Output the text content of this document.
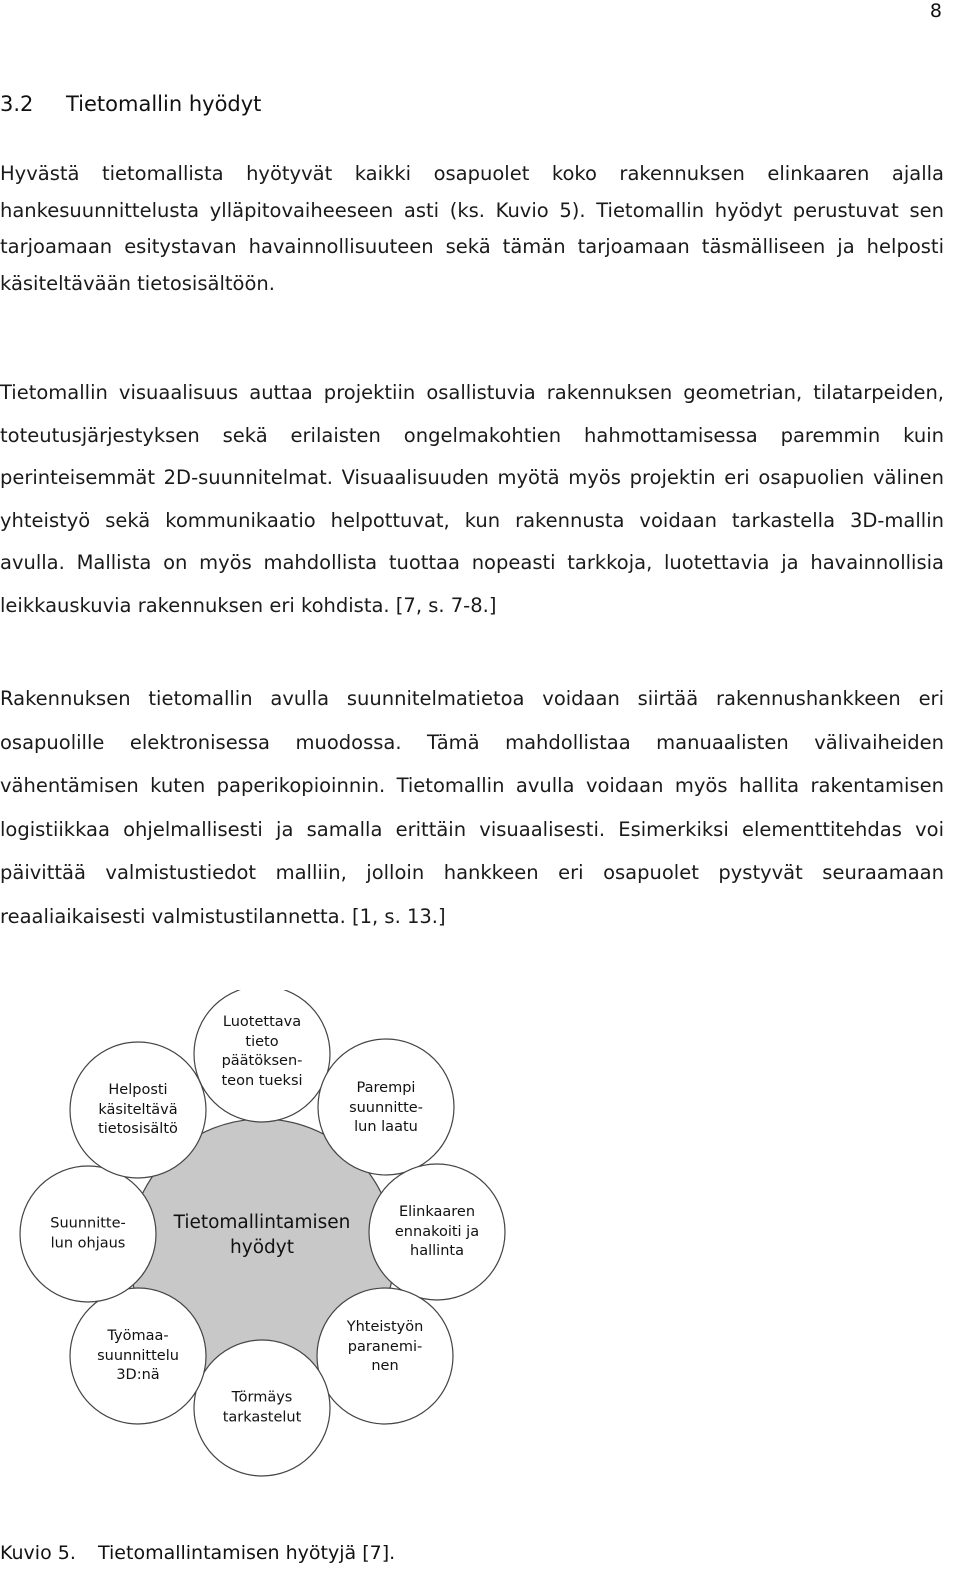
8
3.2 Tietomallin hyödyt

Hyvästä tietomallista hyötyvät kaikki osapuolet koko rakennuksen elinkaaren ajalla hankesuunnittelusta ylläpitovaiheeseen asti (ks. Kuvio 5). Tietomallin hyödyt perustuvat sen tarjoamaan esitystavan havainnollisuuteen sekä tämän tarjoamaan täsmälliseen ja helposti käsiteltävään tietosisältöön.

Tietomallin visuaalisuus auttaa projektiin osallistuvia rakennuksen geometrian, tilatarpeiden, toteutusjärjestyksen sekä erilaisten ongelmakohtien hahmottamisessa paremmin kuin perinteisemmät 2D-suunnitelmat. Visuaalisuuden myötä myös projektin eri osapuolien välinen yhteistyö sekä kommunikaatio helpottuvat, kun rakennusta voidaan tarkastella 3D-mallin avulla. Mallista on myös mahdollista tuottaa nopeasti tarkkoja, luotettavia ja havainnollisia leikkauskuvia rakennuksen eri kohdista. [7, s. 7-8.]

Rakennuksen tietomallin avulla suunnitelmatietoa voidaan siirtää rakennushankkeen eri osapuolille elektronisessa muodossa. Tämä mahdollistaa manuaalisten välivaiheiden vähentämisen kuten paperikopioinnin. Tietomallin avulla voidaan myös hallita rakentamisen logistiikkaa ohjelmallisesti ja samalla erittäin visuaalisesti. Esimerkiksi elementtitehdas voi päivittää valmistustiedot malliin, jolloin hankkeen eri osapuolet pystyvät seuraamaan reaaliaikaisesti valmistustilannetta. [1, s. 13.]

Tietomallintamisen
hyödyt
Luotettava
tieto
päätöksen-
teon tueksi	Parempi
suunnitte-
lun laatu
Elinkaaren
ennakoiti ja
hallinta
Yhteistyön
paranemi-
nen
Törmäys
tarkastelut
Työmaa-
suunnittelu
3D:nä
Suunnitte-
lun ohjaus
Helposti
käsiteltävä
tietosisältö
Kuvio 5. Tietomallintamisen hyötyjä [7].
